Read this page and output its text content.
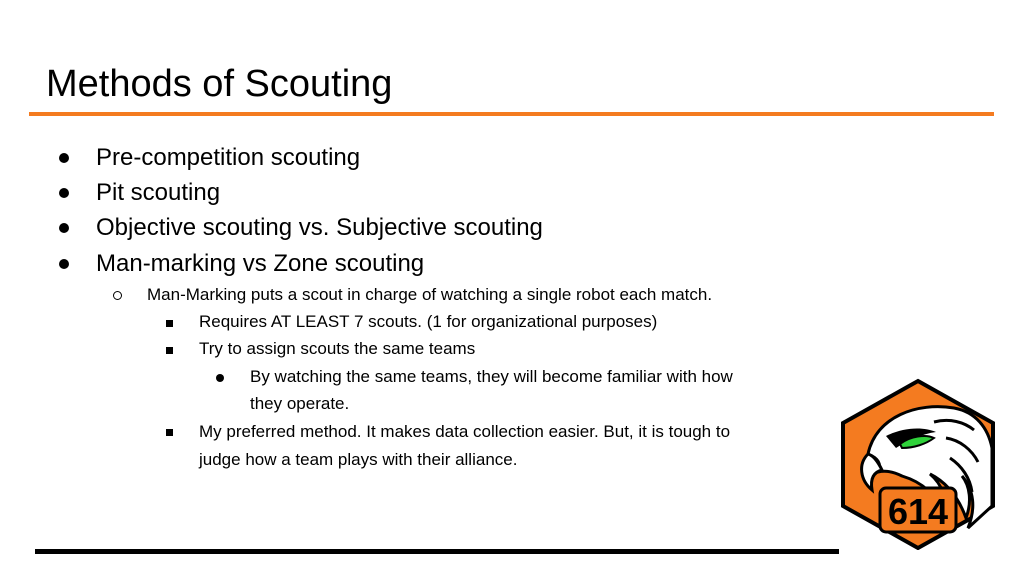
Methods of Scouting
Pre-competition scouting
Pit scouting
Objective scouting vs. Subjective scouting
Man-marking vs Zone scouting
Man-Marking puts a scout in charge of watching a single robot each match.
Requires AT LEAST 7 scouts. (1 for organizational purposes)
Try to assign scouts the same teams
By watching the same teams, they will become familiar with how
they operate.
My preferred method. It makes data collection easier. But, it is tough to
judge how a team plays with their alliance.
614
